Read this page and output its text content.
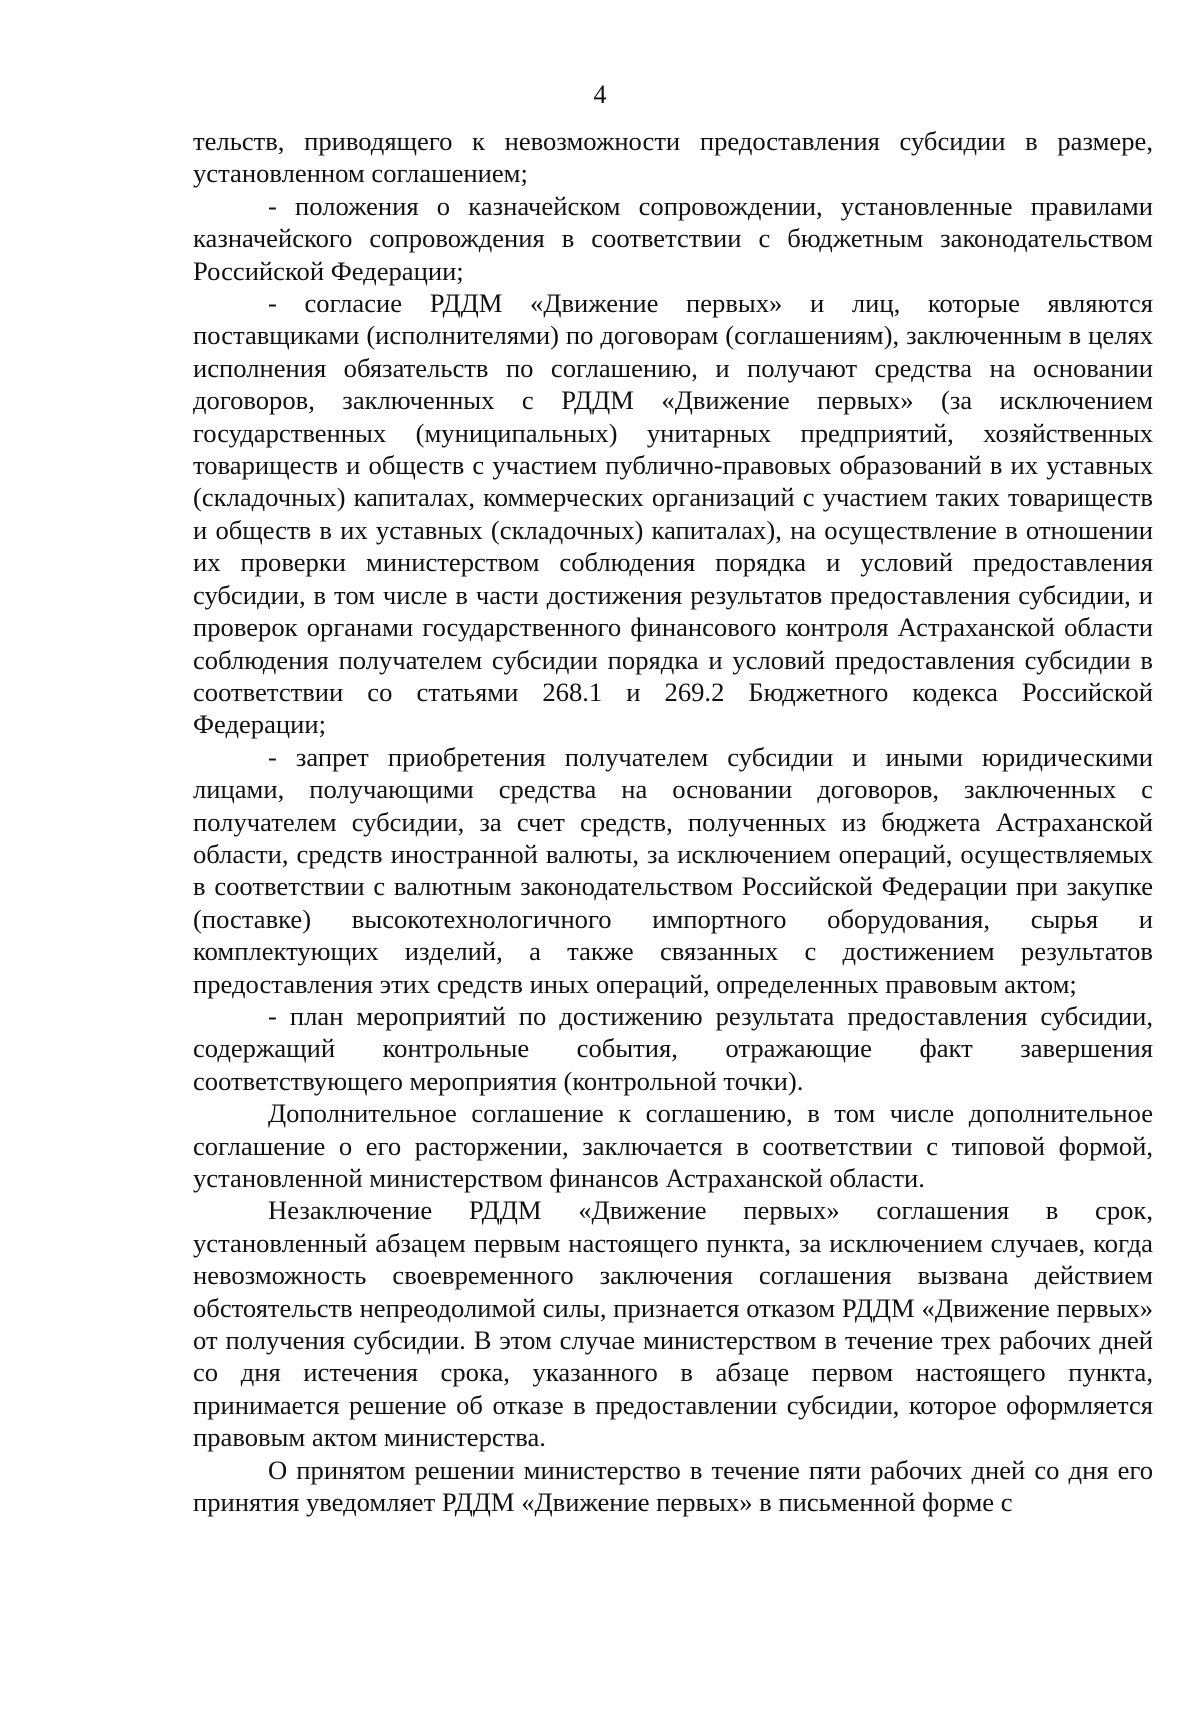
4

тельств, приводящего к невозможности предоставления субсидии в размере, установленном соглашением;

- положения о казначейском сопровождении, установленные правилами казначейского сопровождения в соответствии с бюджетным законодательством Российской Федерации;

- согласие РДДМ «Движение первых» и лиц, которые являются поставщиками (исполнителями) по договорам (соглашениям), заключенным в целях исполнения обязательств по соглашению, и получают средства на основании договоров, заключенных с РДДМ «Движение первых» (за исключением государственных (муниципальных) унитарных предприятий, хозяйственных товариществ и обществ с участием публично-правовых образований в их уставных (складочных) капиталах, коммерческих организаций с участием таких товариществ и обществ в их уставных (складочных) капиталах), на осуществление в отношении их проверки министерством соблюдения порядка и условий предоставления субсидии, в том числе в части достижения результатов предоставления субсидии, и проверок органами государственного финансового контроля Астраханской области соблюдения получателем субсидии порядка и условий предоставления субсидии в соответствии со статьями 268.1 и 269.2 Бюджетного кодекса Российской Федерации;

- запрет приобретения получателем субсидии и иными юридическими лицами, получающими средства на основании договоров, заключенных с получателем субсидии, за счет средств, полученных из бюджета Астраханской области, средств иностранной валюты, за исключением операций, осуществляемых в соответствии с валютным законодательством Российской Федерации при закупке (поставке) высокотехнологичного импортного оборудования, сырья и комплектующих изделий, а также связанных с достижением результатов предоставления этих средств иных операций, определенных правовым актом;

- план мероприятий по достижению результата предоставления субсидии, содержащий контрольные события, отражающие факт завершения соответствующего мероприятия (контрольной точки).

Дополнительное соглашение к соглашению, в том числе дополнительное соглашение о его расторжении, заключается в соответствии с типовой формой, установленной министерством финансов Астраханской области.

Незаключение РДДМ «Движение первых» соглашения в срок, установленный абзацем первым настоящего пункта, за исключением случаев, когда невозможность своевременного заключения соглашения вызвана действием обстоятельств непреодолимой силы, признается отказом РДДМ «Движение первых» от получения субсидии. В этом случае министерством в течение трех рабочих дней со дня истечения срока, указанного в абзаце первом настоящего пункта, принимается решение об отказе в предоставлении субсидии, которое оформляется правовым актом министерства.

О принятом решении министерство в течение пяти рабочих дней со дня его принятия уведомляет РДДМ «Движение первых» в письменной форме с
